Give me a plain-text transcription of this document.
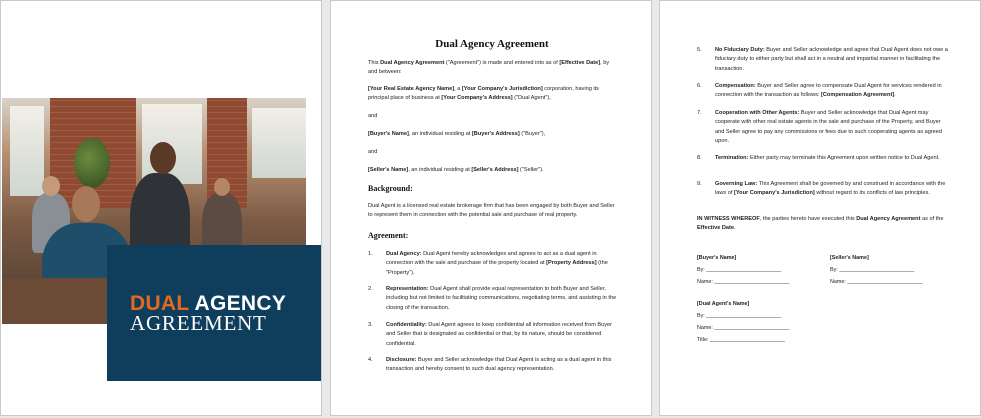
DUAL AGENCY
AGREEMENT
Dual Agency Agreement
This Dual Agency Agreement ("Agreement") is made and entered into as of [Effective Date], by and between:
[Your Real Estate Agency Name], a [Your Company's Jurisdiction] corporation, having its principal place of business at [Your Company's Address] ("Dual Agent"),
and
[Buyer's Name], an individual residing at [Buyer's Address] ("Buyer"),
and
[Seller's Name], an individual residing at [Seller's Address] ("Seller").
Background:
Dual Agent is a licensed real estate brokerage firm that has been engaged by both Buyer and Seller to represent them in connection with the potential sale and purchase of real property.
Agreement:
1.	Dual Agency: Dual Agent hereby acknowledges and agrees to act as a dual agent in connection with the sale and purchase of the property located at [Property Address] (the "Property").
2.	Representation: Dual Agent shall provide equal representation to both Buyer and Seller, including but not limited to facilitating communications, negotiating terms, and assisting in the closing of the transaction.
3.	Confidentiality: Dual Agent agrees to keep confidential all information received from Buyer and Seller that is designated as confidential or that, by its nature, should be considered confidential.
4.	Disclosure: Buyer and Seller acknowledge that Dual Agent is acting as a dual agent in this transaction and hereby consent to such dual agency representation.
5.	No Fiduciary Duty: Buyer and Seller acknowledge and agree that Dual Agent does not owe a fiduciary duty to either party but shall act in a neutral and impartial manner in facilitating the transaction.
6.	Compensation: Buyer and Seller agree to compensate Dual Agent for services rendered in connection with the transaction as follows: [Compensation Agreement].
7.	Cooperation with Other Agents: Buyer and Seller acknowledge that Dual Agent may cooperate with other real estate agents in the sale and purchase of the Property, and Buyer and Seller agree to pay any commissions or fees due to such cooperating agents as agreed upon.
8.	Termination: Either party may terminate this Agreement upon written notice to Dual Agent.
9.	Governing Law: This Agreement shall be governed by and construed in accordance with the laws of [Your Company's Jurisdiction] without regard to its conflicts of law principles.
IN WITNESS WHEREOF, the parties hereto have executed this Dual Agency Agreement as of the Effective Date.
[Buyer's Name]
By: _________________________
Name: _________________________
[Seller's Name]
By: _________________________
Name: _________________________
[Dual Agent's Name]
By: _________________________
Name: _________________________
Title: _________________________
